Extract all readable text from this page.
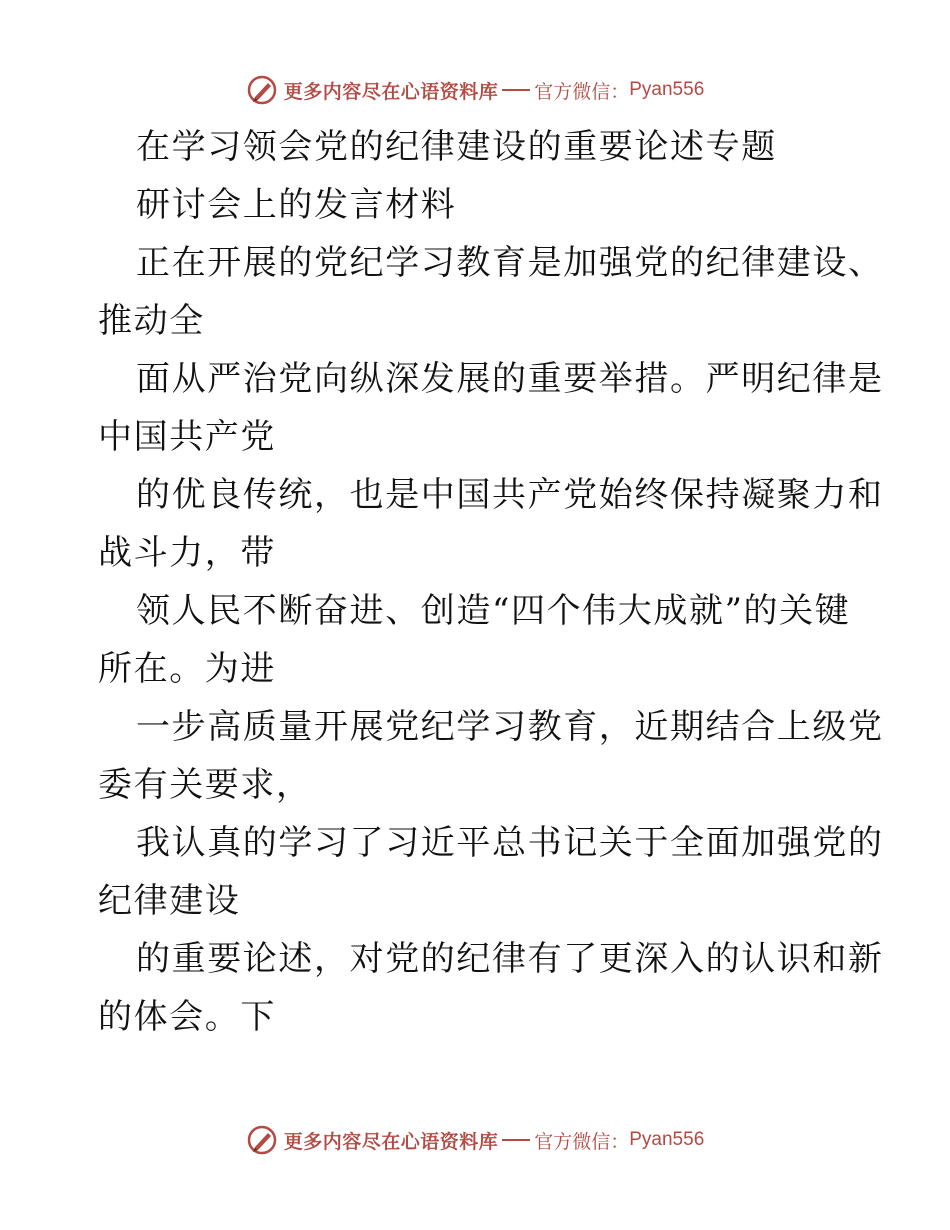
更多内容尽在心语资料库 官方微信： Pyan556
在学习领会党的纪律建设的重要论述专题
研讨会上的发言材料
正在开展的党纪学习教育是加强党的纪律建设、
推动全
面从严治党向纵深发展的重要举措。严明纪律是
中国共产党
的优良传统，也是中国共产党始终保持凝聚力和
战斗力，带
领人民不断奋进、创造“四个伟大成就”的关键
所在。为进
一步高质量开展党纪学习教育，近期结合上级党
委有关要求，
我认真的学习了习近平总书记关于全面加强党的
纪律建设
的重要论述，对党的纪律有了更深入的认识和新
的体会。下
更多内容尽在心语资料库 官方微信： Pyan556
